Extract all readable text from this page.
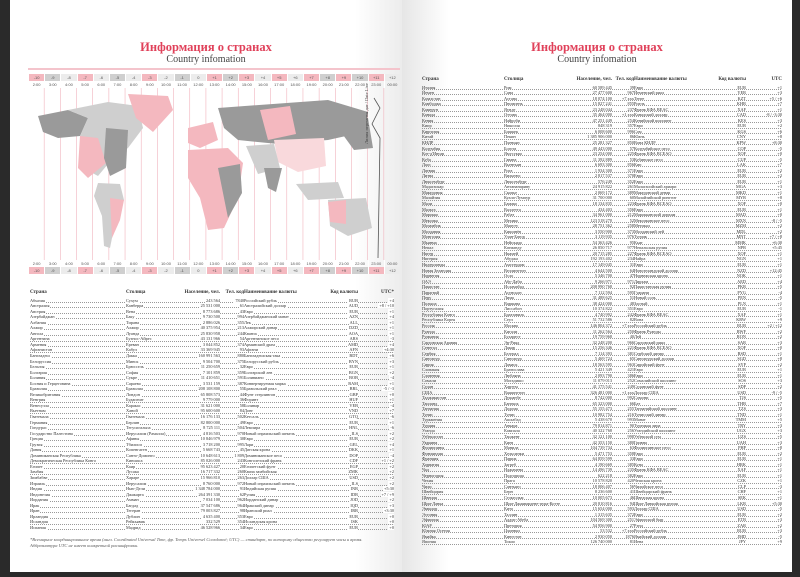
Информация о странах
Country infomation
-10	-9	-8	-7	-6	-5	-4	-3	-2	-1	0	+1	+2	+3	+4	+5	+6	+7	+8	+9	+10	+11	+12
2:00	3:00	4:00	5:00	6:00	7:00	8:00	9:00	10:00	11:00	12:00	13:00	14:00	15:00	16:00	17:00	18:00	19:00	20:00	21:00	22:00	23:00	00:00
Линия перемены дат / Date Line
2:00	3:00	4:00	5:00	6:00	7:00	8:00	9:00	10:00	11:00	12:00	13:00	14:00	15:00	16:00	17:00	18:00	19:00	20:00	21:00	22:00	23:00	00:00
-10	-9	-8	-7	-6	-5	-4	-3	-2	-1	0	+1	+2	+3	+4	+5	+6	+7	+8	+9	+10	+11	+12
Страна	Столица	Население, чел.	Тел. код	Наименование валюты	Код валюты	UTC*
Абхазия	Сухум	243 564	7840	Российский рубль	RUB	+4
Австралия	Канберра	25 531 000	61	Австралийский доллар	AUD	+8 / +10
Австрия	Вена	8 773 686	43	Евро	EUR	+1
Азербайджан	Баку	9 730 500	994	Азербайджанский манат	AZN	+4
Албания	Тирана	2 886 026	355	Лек	ALL	+1
Алжир	Алжир	40 375 954	213	Алжирский динар	DZD	+1
Ангола	Луанда	25 830 958	244	Кванза	AOA	+1
Аргентина	Буэнос-Айрес	43 131 966	54	Аргентинское песо	ARS	-3
Армения	Ереван	3 044 852	374	Армянский драм	AMD	+4
Афганистан	Кабул	33 369 945	93	Афгани	AFN	+4:30
Бангладеш	Дакка	160 991 563	880	Бангладешская така	BDT	+6
Белоруссия	Минск	9 504 700	375	Белорусский рубль	BYN	+3
Бельгия	Брюссель	11 250 659	32	Евро	EUR	+1
Болгария	София	7 101 859	359	Болгарский лев	BGN	+2
Боливия	Сукре	11 410 651	591	Боливиано	BOB	-4
Босния и Герцеговина	Сараево	3 531 159	387	Конвертируемая марка	BAM	+1
Бразилия	Бразилиа	208 108 800	55	Бразильский реал	BRL	-5 / -3
Великобритания	Лондон	65 808 573	44	Фунт стерлингов	GBP	+0
Венгрия	Будапешт	9 779 000	36	Форинт	HUF	+1
Венесуэла	Каракас	31 621 000	58	Боливар	VEB	-4
Вьетнам	Ханой	95 600 600	84	Донг	VND	+7
Гватемала	Гватемала	16 176 133	502	Кетсаль	GTQ	-6
Германия	Берлин	82 800 000	49	Евро	EUR	+1
Гондурас	Тегусигальпа	8 725 111	504	Лемпира	HNL	-6
Государство Палестина	Иерусалим (Рамалла)	4 816 503	970	Новый израильский шекель	ILS	+2
Греция	Афины	10 846 979	30	Евро	EUR	+2
Грузия	Тбилиси	3 718 200	995	Лари	GEL	+4
Дания	Копенгаген	5 668 743	45	Датская крона	DKK	+1
Доминиканская Республика	Санто-Доминго	10 648 613	1 809	Доминиканское песо	DOP	-4
Демократическая Республика Конго	Киншаса	85 026 000	243	Конголезский франк	CDF	+1 / +2
Египет	Каир	95 623 427	20	Египетский фунт	EGP	+2
Замбия	Лусака	16 717 332	260	Квача замбийская	ZMK	+2
Зимбабве	Хараре	15 966 810	263	Доллар США	USD	+2
Израиль	Иерусалим	8 760 000	972	Новый израильский шекель	ILS	+2
Индия	Нью-Дели	1 348 784 000	91	Индийская рупия	INR	+5:30
Индонезия	Джакарта	264 391 330	62	Рупия	IDR	+7 / +9
Иордания	Амман	7 034 100	962	Иорданский динар	JOD	+2
Ирак	Багдад	37 547 686	964	Иракский динар	IQD	+3
Иран	Тегеран	79 003 827	98	Иранский риал	IRR	+3:30
Ирландия	Дублин	4 635 400	353	Евро	EUR	+0
Исландия	Рейкьявик	332 529	354	Исландская крона	ISK	+0
Испания	Мадрид	46 528 966	34	Евро	EUR	+0
*Всемирное координированное время (англ. Coordinated Universal Time, фр. Temps Universel Coordonné; UTC) — стандарт, по которому общество регулирует часы и время. Аббревиатура UTC не имеет конкретной расшифровки.
Информация о странах
Country infomation
Страна	Столица	Население, чел.	Тел. код	Наименование валюты	Код валюты	UTC
Италия	Рим	60 589 445	39	Евро	EUR	+1
Йемен	Сана	27 477 600	967	Йеменский риал	YER	+3
Казахстан	Астана	18 074 100	+7 xxx	Тенге	KZT	+5 / +6
Камбоджа	Пномпень	15 827 241	855	Риель	KHR	+7
Камерун	Яунде	23 248 044	237	Франк КФА BEAC	XAF	+1
Канада	Оттава	35 464 000	+1 xxx	Канадский доллар	CAD	-8 / -3:30
Кения	Найроби	47 251 449	254	Кенийский шиллинг	KES	+3
Кипр	Никосия	848 319	357	Евро	EUR	+2
Киргизия	Бишкек	6 008 600	996	Сом	KGS	+6
Китай	Пекин	1 385 906 000	86	Юань	CNY	+8
КНДР	Пхеньян	25 281 327	850	Вона КНДР	KPW	+8:30
Колумбия	Богота	49 443 000	57	Колумбийское песо	COP	-5
Кот-д'Ивуар	Ямусукро	23 254 000	225	Франк КФА BCEAO	XOF	+0
Куба	Гавана	11 392 889	53	Кубинское песо	CUP	-5
Лаос	Вьентьян	6 693 300	856	Кип	LAK	+7
Латвия	Рига	1 934 300	371	Евро	EUR	+2
Литва	Вильнюс	2 817 537	370	Евро	EUR	+2
Люксембург	Люксембург	576 249	352	Евро	EUR	+1
Мадагаскар	Антананариву	24 915 822	261	Малагасийский ариари	MGA	+3
Македония	Скопье	2 069 172	389	Македонский денар	MKD	+1
Малайзия	Куала-Лумпур	31 700 000	60	Малайзийский ринггит	MYR	+8
Мали	Бамако	18 134 835	223	Франк КФА BCEAO	XOF	+0
Мальта	Валлетта	434 403	356	Евро	EUR	+1
Марокко	Рабат	34 961 000	212	Марокканский дирхам	MAD	+0
Мексика	Мехико	123 518 270	52	Мексиканское песо	MXN	-8 / -5
Мозамбик	Мапуту	28 751 362	258	Метикал	MZM	+2
Молдавия	Кишинёв	3 550 900	373	Молдавский лей	MDL	+2
Монголия	Улан-Батор	3 119 935	976	Тугрик	MNT	+7 / +8
Мьянма	Нейпьидо	54 363 426	95	Кьят	MMK	+6:30
Непал	Катманду	26 850 717	977	Непальская рупия	NPR	+5:45
Нигер	Ниамей	20 715 285	227	Франк КФА BCEAO	XOF	+1
Нигерия	Абуджа	192 193 402	234	Найра	NGN	+1
Нидерланды	Амстердам	17 149 045	31	Евро	EUR	+1
Новая Зеландия	Веллингтон	4 644 500	64	Новозеландский доллар	NZD	+12:45
Норвегия	Осло	5 346 700	47	Норвежская крона	NOK	+1
ОАЭ	Абу-Даби	9 266 971	971	Дирхам	AED	+4
Пакистан	Исламабад	208 990 768	92	Пакистанская рупия	PKR	+5
Парагвай	Асунсьон	7 112 594	595	Гуарани	PYG	-4
Перу	Лима	31 488 625	51	Новый соль	PEN	-5
Польша	Варшава	38 424 000	48	Злотый	PLN	+1
Португалия	Лиссабон	10 374 822	351	Евро	EUR	-1
Республика Конго	Браззавиль	4 740 992	242	Франк КФА BEAC	XAF	+1
Республика Корея	Сеул	51 732 586	82	Вона	KRW	+9
Россия	Москва	146 804 372	+7 xxx	Российский рубль	RUB	+2 / +12
Руанда	Кигали	11 262 564	250	Франк Руанды	RWF	+2
Румыния	Бухарест	19 759 968	40	Лей	RON	+2
Саудовская Аравия	Эр-Рияд	32 248 200	966	Саудовский риял	SAR	+3
Сенегал	Дакар	15 256 346	221	Франк КФА BCEAO	XOF	+0
Сербия	Белград	7 114 393	381	Сербский динар	RSD	+1
Сингапур	Сингапур	5 469 724	65	Сингапурский доллар	SGD	+8
Сирия	Дамаск	18 563 595	963	Сирийский фунт	SYP	+2
Словакия	Братислава	5 421 349	421	Евро	EUR	+1
Словения	Любляна	2 093 790	386	Евро	EUR	+1
Сомали	Могадишо	11 079 013	252	Сомалийский шиллинг	SOS	+3
Судан	Хартум	41 175 541	249	Суданский фунт	SDP	+2
США	Вашингтон	326 481 000	+1 xxx	Доллар США	USD	-9 / -5
Таджикистан	Душанбе	8 742 000	992	Сомони	TJS	+5
Таиланд	Бангкок	65 323 000	66	Бат	THB	+7
Танзания	Додома	55 155 473	255	Танзанийский шиллинг	TZS	+3
Тунис	Тунис	10 982 754	216	Тунисский динар	TND	+1
Туркмения	Ашхабад	5 438 670	993	Манат	TMM	+5
Турция	Анкара	79 814 871	90	Турецкая лира	TRY	+3
Уганда	Кампала	40 322 768	256	Угандийский шиллинг	UGX	+3
Узбекистан	Ташкент	32 121 100	998	Узбекский сум	UZS	+5
Украина	Киев	42 353 150	380	Гривна	UAH	+3
Филиппины	Манила	104 739 734	63	Филиппинское песо	PHP	+8
Финляндия	Хельсинки	5 471 753	358	Евро	EUR	+2
Франция	Париж	64 859 599	33	Евро	EUR	+1
Хорватия	Загреб	4 190 669	385	Куна	HRK	+1
Чад	Нджамена	14 496 739	235	Франк КФА BEAC	XAF	+1
Черногория	Подгорица	622 218	382	Евро	EUR	+1
Чехия	Прага	10 578 820	420	Чешская крона	CZK	+1
Чили	Сантьяго	18 006 407	56	Чилийское песо	CLP	-3
Швейцария	Берн	8 236 600	41	Швейцарский франк	CHF	+1
Швеция	Стокгольм	10 005 673	46	Шведская крона	SEK	+1
Шри-Ланка	Шри-Джаявардене-пура-Котте	20 810 816	94	Шри-Ланкийская рупия	LKR	+5:30
Эквадор	Кито	15 654 000	593	Доллар США	USD	-5
Эстония	Таллин	1 315 635	372	Евро	EUR	+2
Эфиопия	Аддис-Абеба	104 569 300	251	Эфиопский быр	ETB	+3
ЮАР	Претория	54 956 900	27	Рэнд	ZAR	+2
Южная Осетия	Цхинвал	53 532	+7 xxx	Российский рубль	RUB	+3
Ямайка	Кингстон	2 930 050	1876	Ямайский доллар	JMD	-5
Япония	Токио	126 740 000	81	Иена	JPY	+9
